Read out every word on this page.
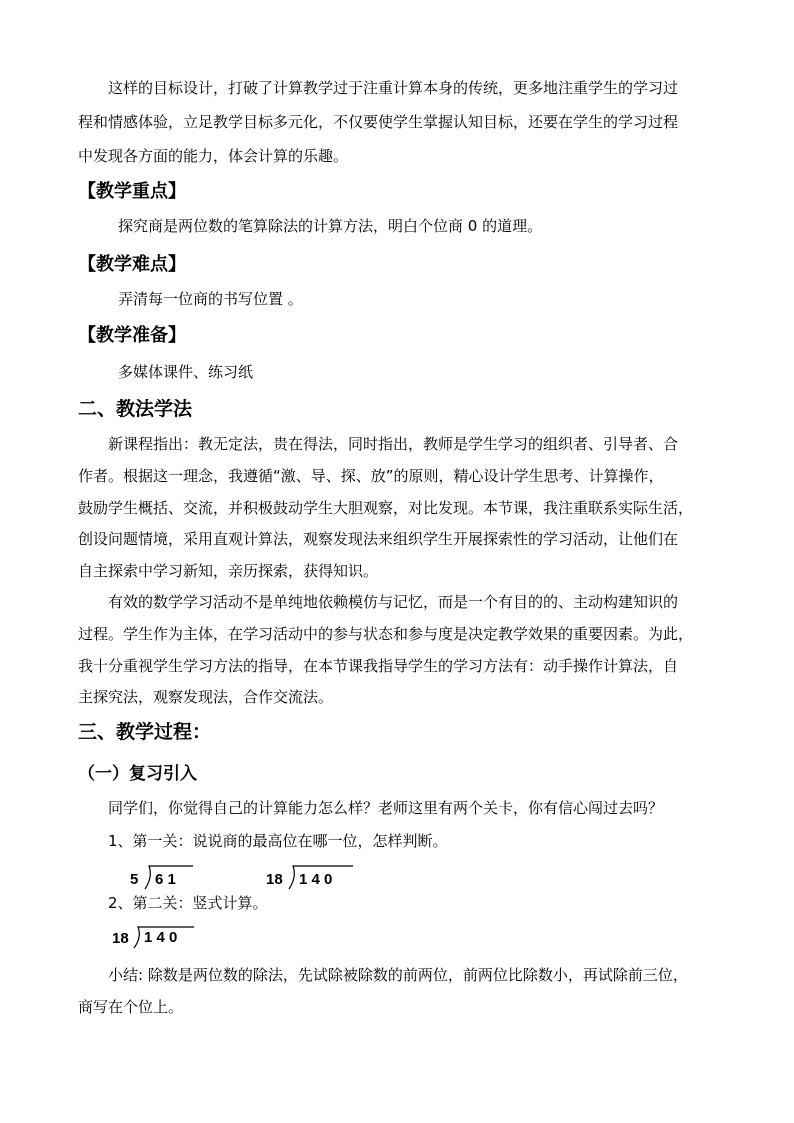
这样的目标设计，打破了计算教学过于注重计算本身的传统，更多地注重学生的学习过
程和情感体验，立足教学目标多元化，不仅要使学生掌握认知目标，还要在学生的学习过程
中发现各方面的能力，体会计算的乐趣。
【教学重点】
探究商是两位数的笔算除法的计算方法，明白个位商 0 的道理。
【教学难点】
弄清每一位商的书写位置 。
【教学准备】
多媒体课件、练习纸
二、教法学法
新课程指出：教无定法，贵在得法，同时指出，教师是学生学习的组织者、引导者、合
作者。根据这一理念，我遵循“激、导、探、放”的原则，精心设计学生思考、计算操作，
鼓励学生概括、交流，并积极鼓动学生大胆观察，对比发现。本节课，我注重联系实际生活，
创设问题情境，采用直观计算法，观察发现法来组织学生开展探索性的学习活动，让他们在
自主探索中学习新知，亲历探索，获得知识。
有效的数学学习活动不是单纯地依赖模仿与记忆，而是一个有目的的、主动构建知识的
过程。学生作为主体，在学习活动中的参与状态和参与度是决定教学效果的重要因素。为此，
我十分重视学生学习方法的指导，在本节课我指导学生的学习方法有：动手操作计算法，自
主探究法，观察发现法，合作交流法。
三、教学过程：
（一）复习引入
同学们，你觉得自己的计算能力怎么样？老师这里有两个关卡，你有信心闯过去吗？
1、第一关：说说商的最高位在哪一位，怎样判断。
5 6 1	18 1 4 0
2、第二关：竖式计算。
18 1 4 0
小结: 除数是两位数的除法，先试除被除数的前两位，前两位比除数小，再试除前三位，
商写在个位上。
